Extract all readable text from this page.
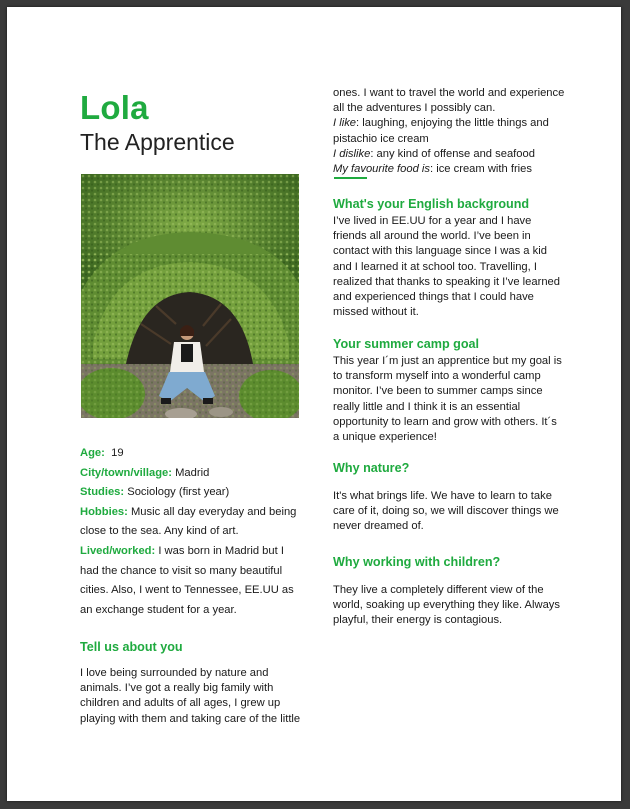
Lola
The Apprentice

Age: 19

City/town/village: Madrid

Studies: Sociology (first year)

Hobbies: Music all day everyday and being close to the sea. Any kind of art.

Lived/worked: I was born in Madrid but I had the chance to visit so many beautiful cities. Also, I went to Tennessee, EE.UU as an exchange student for a year.

Tell us about you

I love being surrounded by nature and animals. I’ve got a really big family with children and adults of all ages, I grew up playing with them and taking care of the little

ones. I want to travel the world and experience all the adventures I possibly can.

I like: laughing, enjoying the little things and pistachio ice cream

I dislike: any kind of offense and seafood

My favourite food is: ice cream with fries

What's your English background

I’ve lived in EE.UU for a year and I have friends all around the world. I’ve been in contact with this language since I was a kid and I learned it at school too. Travelling, I realized that thanks to speaking it I’ve learned and experienced things that I could have missed without it.

Your summer camp goal

This year I´m just an apprentice but my goal is to transform myself into a wonderful camp monitor. I’ve been to summer camps since really little and I think it is an essential opportunity to learn and grow with others. It´s a unique experience!

Why nature?

It's what brings life. We have to learn to take care of it, doing so, we will discover things we never dreamed of.

Why working with children?

They live a completely different view of the world, soaking up everything they like. Always playful, their energy is contagious.
